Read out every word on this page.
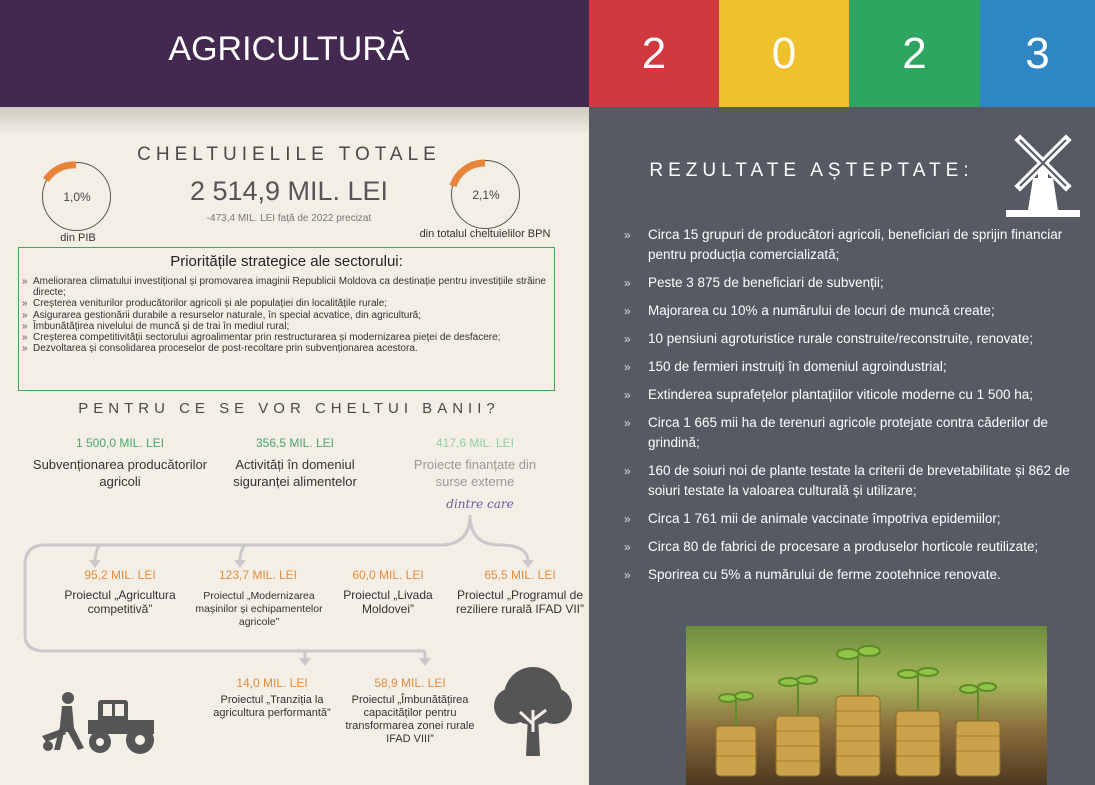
AGRICULTURĂ	2	0	2	3
CHELTUIELILE TOTALE
2 514,9 MIL. LEI
-473,4 MIL. LEI față de 2022 precizat
1,0%
din PIB
2,1%
din totalul cheltuielilor BPN
Prioritățile strategice ale sectorului:
» Ameliorarea climatului investițional și promovarea imaginii Republicii Moldova ca destinație pentru investițiile străine directe;
» Creșterea veniturilor producătorilor agricoli și ale populației din localitățile rurale;
» Asigurarea gestionării durabile a resurselor naturale, în special acvatice, din agricultură;
» Îmbunătățirea nivelului de muncă și de trai în mediul rural;
» Creșterea competitivității sectorului agroalimentar prin restructurarea și modernizarea pieței de desfacere;
» Dezvoltarea și consolidarea proceselor de post-recoltare prin subvenționarea acestora.
PENTRU CE SE VOR CHELTUI BANII?
1 500,0 MIL. LEI
Subvenționarea producătorilor agricoli
356,5 MIL. LEI
Activități în domeniul siguranței alimentelor
417,6 MIL. LEI
Proiecte finanțate din surse externe
dintre care
95,2 MIL. LEI
Proiectul „Agricultura competitivă”
123,7 MIL. LEI
Proiectul „Modernizarea mașinilor și echipamentelor agricole”
60,0 MIL. LEI
Proiectul „Livada Moldovei”
65,5 MIL. LEI
Proiectul „Programul de reziliere rurală IFAD VII”
14,0 MIL. LEI
Proiectul „Tranziția la agricultura performantă”
58,9 MIL. LEI
Proiectul „Îmbunătățirea capacităților pentru transformarea zonei rurale IFAD VIII”
REZULTATE AȘTEPTATE:
» Circa 15 grupuri de producători agricoli, beneficiari de sprijin financiar pentru producția comercializată;
» Peste 3 875 de beneficiari de subvenții;
» Majorarea cu 10% a numărului de locuri de muncă create;
» 10 pensiuni agroturistice rurale construite/reconstruite, renovate;
» 150 de fermieri instruiți în domeniul agroindustrial;
» Extinderea suprafețelor plantațiilor viticole moderne cu 1 500 ha;
» Circa 1 665 mii ha de terenuri agricole protejate contra căderilor de grindină;
» 160 de soiuri noi de plante testate la criterii de brevetabilitate și 862 de soiuri testate la valoarea culturală și utilizare;
» Circa 1 761 mii de animale vaccinate împotriva epidemiilor;
» Circa 80 de fabrici de procesare a produselor horticole reutilizate;
» Sporirea cu 5% a numărului de ferme zootehnice renovate.
